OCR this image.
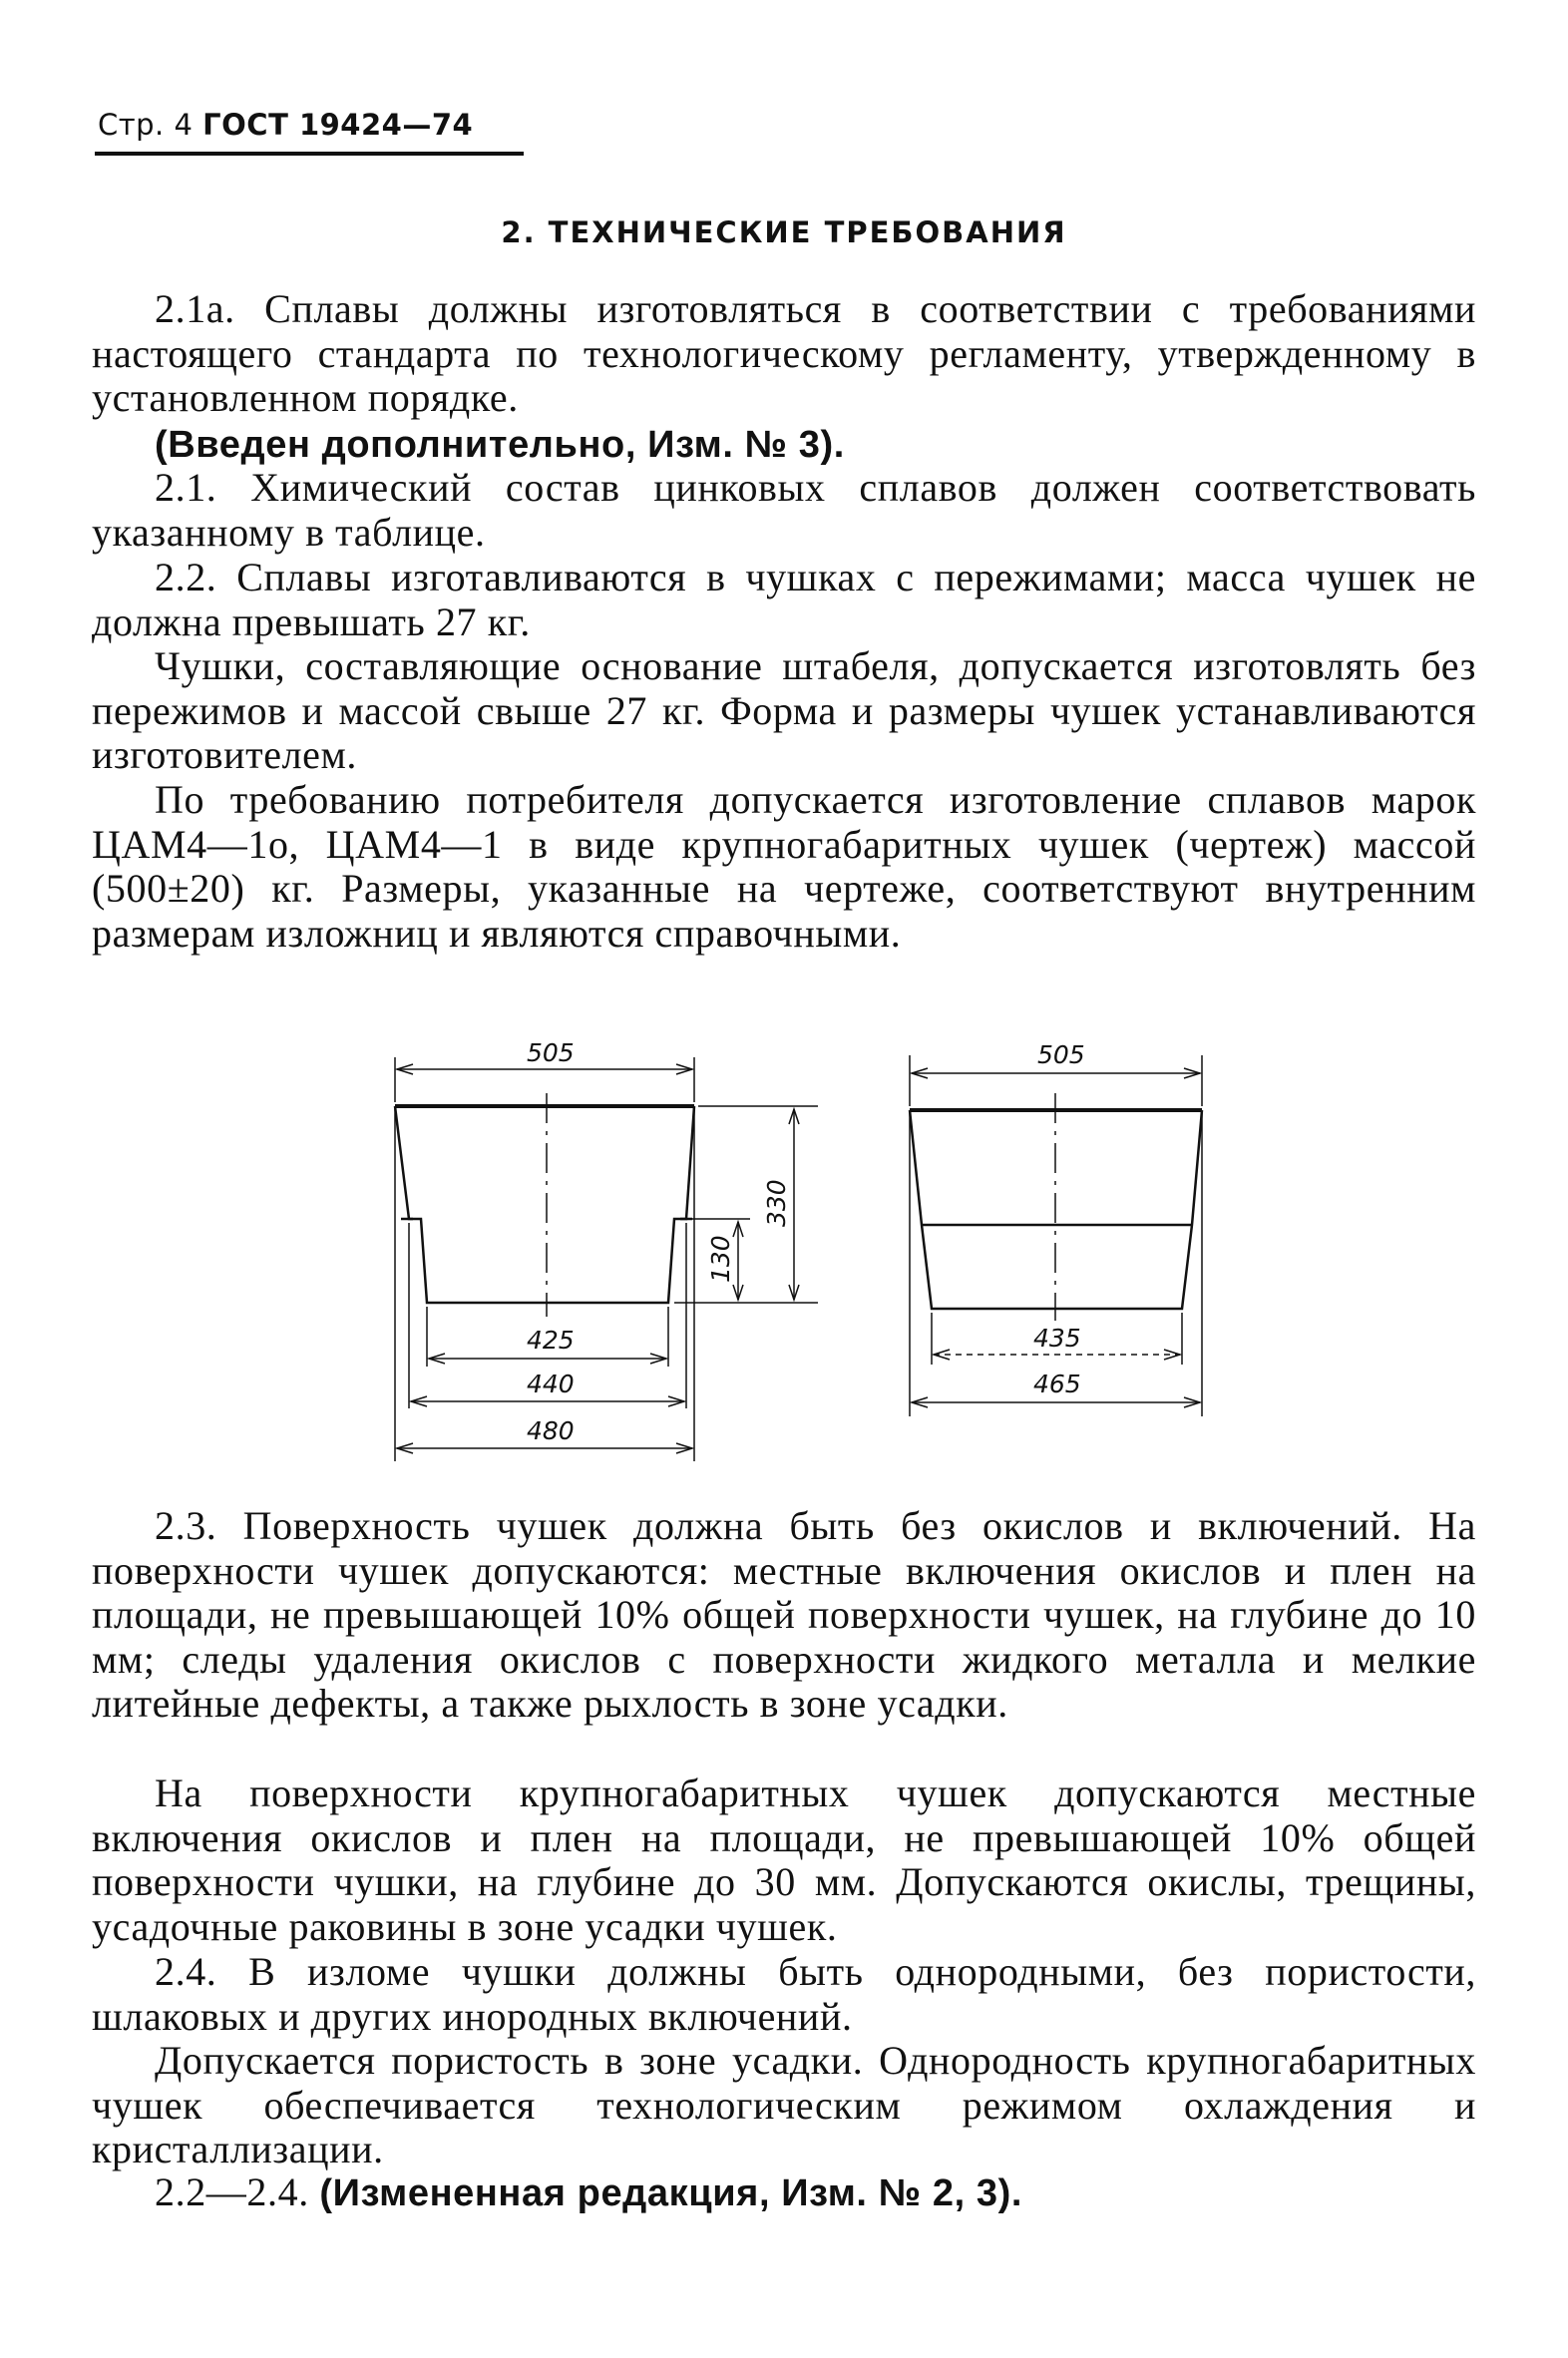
Стр. 4 ГОСТ 19424—74
2. ТЕХНИЧЕСКИЕ ТРЕБОВАНИЯ

2.1а. Сплавы должны изготовляться в соответствии с требованиями настоящего стандарта по технологическому регламенту, утвержденному в установленном порядке.

(Введен дополнительно, Изм. № 3).

2.1. Химический состав цинковых сплавов должен соответствовать указанному в таблице.

2.2. Сплавы изготавливаются в чушках с пережимами; масса чушек не должна превышать 27 кг.

Чушки, составляющие основание штабеля, допускается изготовлять без пережимов и массой свыше 27 кг. Форма и размеры чушек устанавливаются изготовителем.

По требованию потребителя допускается изготовление сплавов марок ЦАМ4—1о, ЦАМ4—1 в виде крупногабаритных чушек (чертеж) массой (500±20) кг. Размеры, указанные на чертеже, соответствуют внутренним размерам изложниц и являются справочными.

505
425
440
480
330
130
505
435
465

2.3. Поверхность чушек должна быть без окислов и включений. На поверхности чушек допускаются: местные включения окислов и плен на площади, не превышающей 10% общей поверхности чушек, на глубине до 10 мм; следы удаления окислов с поверхности жидкого металла и мелкие литейные дефекты, а также рыхлость в зоне усадки.

На поверхности крупногабаритных чушек допускаются местные включения окислов и плен на площади, не превышающей 10% общей поверхности чушки, на глубине до 30 мм. Допускаются окислы, трещины, усадочные раковины в зоне усадки чушек.

2.4. В изломе чушки должны быть однородными, без пористости, шлаковых и других инородных включений.

Допускается пористость в зоне усадки. Однородность крупногабаритных чушек обеспечивается технологическим режимом охлаждения и кристаллизации.

2.2—2.4. (Измененная редакция, Изм. № 2, 3).
